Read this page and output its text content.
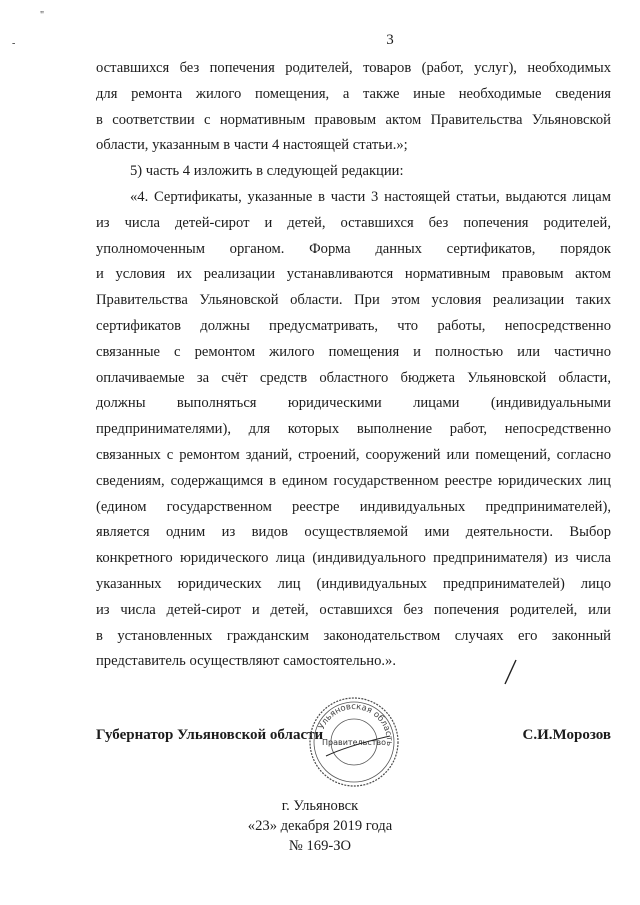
"
-	3
оставшихся без попечения родителей, товаров (работ, услуг), необходимых
для ремонта жилого помещения, а также иные необходимые сведения
в соответствии с нормативным правовым актом Правительства Ульяновской
области, указанным в части 4 настоящей статьи.»;
5) часть 4 изложить в следующей редакции:
«4. Сертификаты, указанные в части 3 настоящей статьи, выдаются лицам
из числа детей-сирот и детей, оставшихся без попечения родителей,
уполномоченным органом. Форма данных сертификатов, порядок
и условия их реализации устанавливаются нормативным правовым актом
Правительства Ульяновской области. При этом условия реализации таких
сертификатов должны предусматривать, что работы, непосредственно
связанные с ремонтом жилого помещения и полностью или частично
оплачиваемые за счёт средств областного бюджета Ульяновской области,
должны выполняться юридическими лицами (индивидуальными
предпринимателями), для которых выполнение работ, непосредственно
связанных с ремонтом зданий, строений, сооружений или помещений, согласно
сведениям, содержащимся в едином государственном реестре юридических лиц
(едином государственном реестре индивидуальных предпринимателей),
является одним из видов осуществляемой ими деятельности. Выбор
конкретного юридического лица (индивидуального предпринимателя) из числа
указанных юридических лиц (индивидуальных предпринимателей) лицо
из числа детей-сирот и детей, оставшихся без попечения родителей, или
в установленных гражданским законодательством случаях его законный
представитель осуществляют самостоятельно.».
Губернатор Ульяновской области	С.И.Морозов
Ульяновская область
Правительство
г. Ульяновск
«23» декабря 2019 года
№ 169-ЗО
